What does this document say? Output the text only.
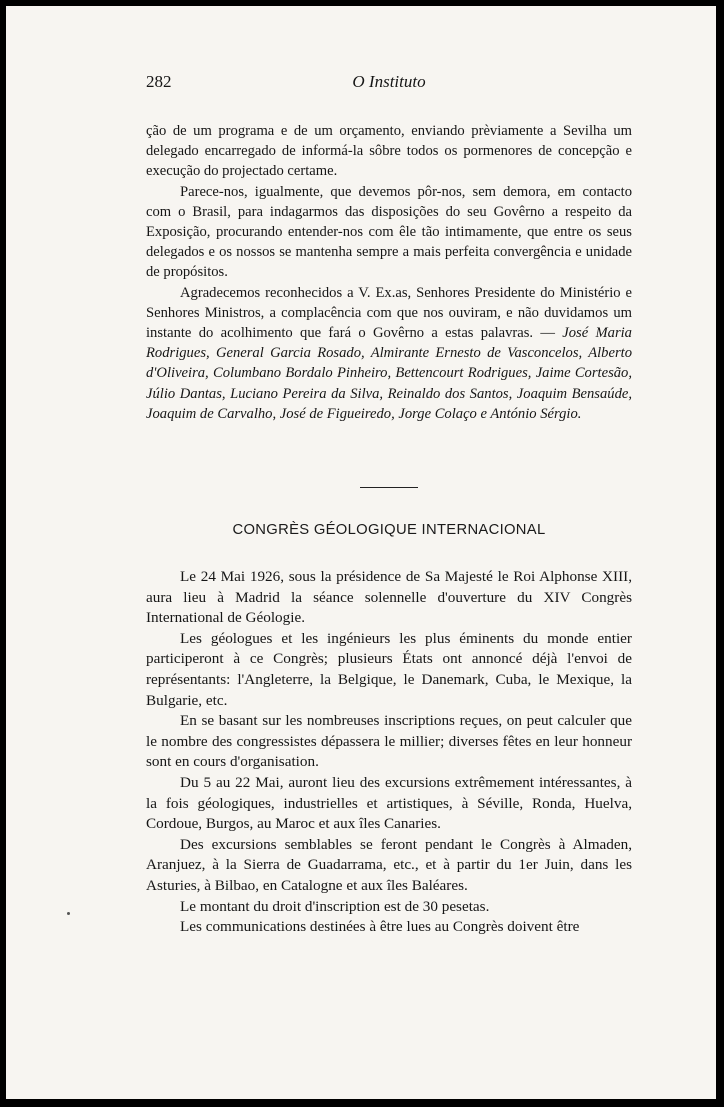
282	O Instituto

ção de um programa e de um orçamento, enviando prèviamente a Sevilha um delegado encarregado de informá-la sôbre todos os pormenores de concepção e execução do projectado certame.

Parece-nos, igualmente, que devemos pôr-nos, sem demora, em contacto com o Brasil, para indagarmos das disposições do seu Govêrno a respeito da Exposição, procurando entender-nos com êle tão intimamente, que entre os seus delegados e os nossos se mantenha sempre a mais perfeita convergência e unidade de propósitos.

Agradecemos reconhecidos a V. Ex.as, Senhores Presidente do Ministério e Senhores Ministros, a complacência com que nos ouviram, e não duvidamos um instante do acolhimento que fará o Govêrno a estas palavras. — José Maria Rodrigues, General Garcia Rosado, Almirante Ernesto de Vasconcelos, Alberto d'Oliveira, Columbano Bordalo Pinheiro, Bettencourt Rodrigues, Jaime Cortesão, Júlio Dantas, Luciano Pereira da Silva, Reinaldo dos Santos, Joaquim Bensaúde, Joaquim de Carvalho, José de Figueiredo, Jorge Colaço e António Sérgio.

CONGRÈS GÉOLOGIQUE INTERNACIONAL

Le 24 Mai 1926, sous la présidence de Sa Majesté le Roi Alphonse XIII, aura lieu à Madrid la séance solennelle d'ouverture du XIV Congrès International de Géologie.

Les géologues et les ingénieurs les plus éminents du monde entier participeront à ce Congrès; plusieurs États ont annoncé déjà l'envoi de représentants: l'Angleterre, la Belgique, le Danemark, Cuba, le Mexique, la Bulgarie, etc.

En se basant sur les nombreuses inscriptions reçues, on peut calculer que le nombre des congressistes dépassera le millier; diverses fêtes en leur honneur sont en cours d'organisation.

Du 5 au 22 Mai, auront lieu des excursions extrêmement intéressantes, à la fois géologiques, industrielles et artistiques, à Séville, Ronda, Huelva, Cordoue, Burgos, au Maroc et aux îles Canaries.

Des excursions semblables se feront pendant le Congrès à Almaden, Aranjuez, à la Sierra de Guadarrama, etc., et à partir du 1er Juin, dans les Asturies, à Bilbao, en Catalogne et aux îles Baléares.

Le montant du droit d'inscription est de 30 pesetas.

Les communications destinées à être lues au Congrès doivent être
